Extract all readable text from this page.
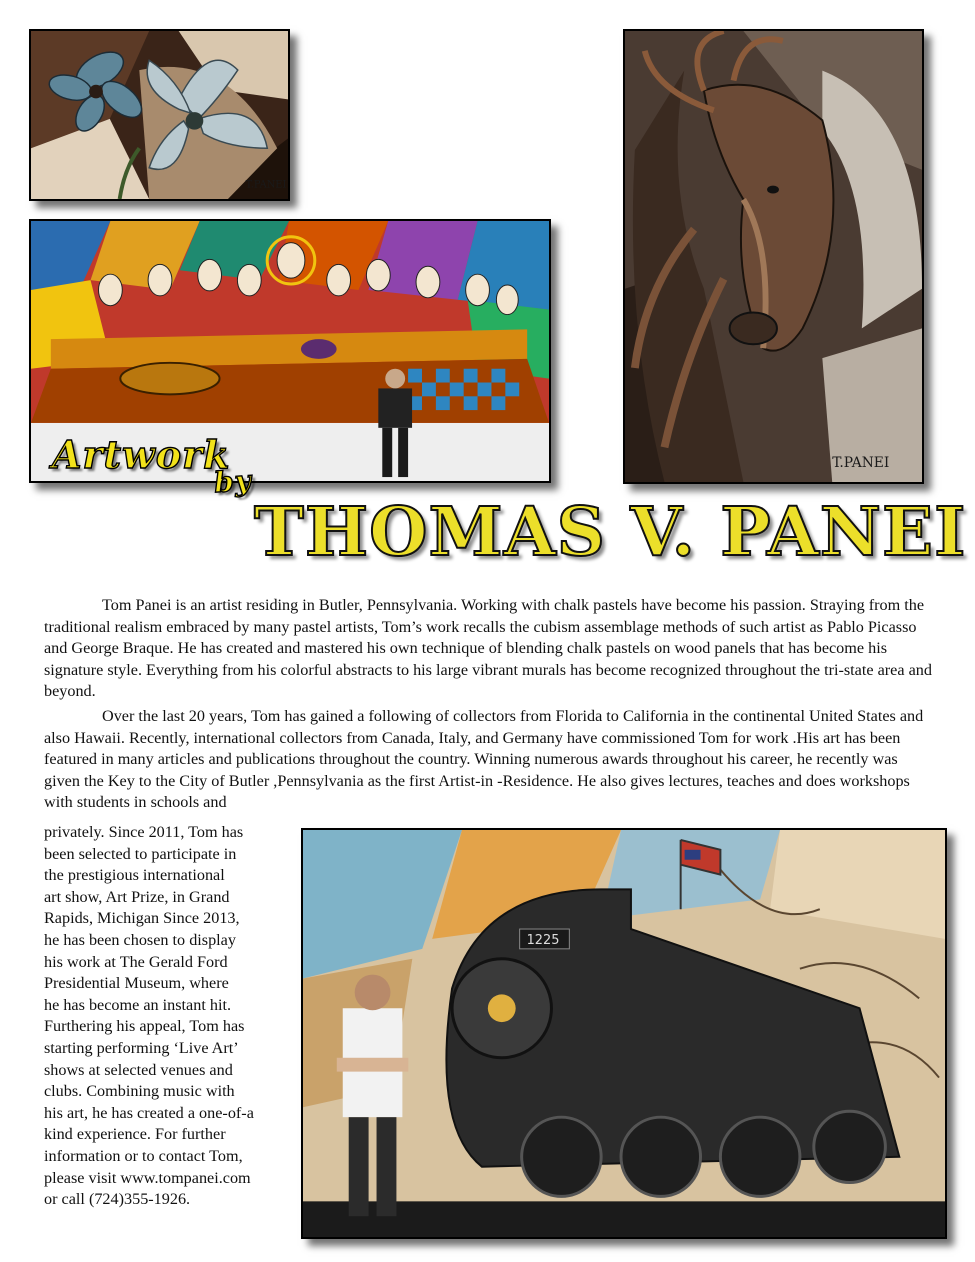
T.PANEI
T.PANEI
Artwork
by
THOMAS V. PANEI

Tom Panei is an artist residing in Butler, Pennsylvania. Working with chalk pastels have become his passion. Straying from the traditional realism embraced by many pastel artists, Tom’s work recalls the cubism assemblage methods of such artist as Pablo Picasso and George Braque. He has created and mastered his own technique of blending chalk pastels on wood panels that has become his signature style. Everything from his colorful abstracts to his large vibrant murals has become recognized throughout the tri-state area and beyond.

Over the last 20 years, Tom has gained a following of collectors from Florida to California in the continental United States and also Hawaii. Recently, international collectors from Canada, Italy, and Germany have commissioned Tom for work .His art has been featured in many articles and publications throughout the country. Winning numerous awards throughout his career, he recently was given the Key to the City of Butler ,Pennsylvania as the first Artist-in -Residence. He also gives lectures, teaches and does workshops with students in schools and

privately. Since 2011, Tom has
been selected to participate in
the prestigious international
art show, Art Prize, in Grand
Rapids, Michigan Since 2013,
he has been chosen to display
his work at The Gerald Ford
Presidential Museum, where
he has become an instant hit.
Furthering his appeal, Tom has
starting performing ‘Live Art’
shows at selected venues and
clubs. Combining music with
his art, he has created a one-of-a
kind experience. For further
information or to contact Tom,
please visit www.tompanei.com
or call (724)355-1926.
1225
